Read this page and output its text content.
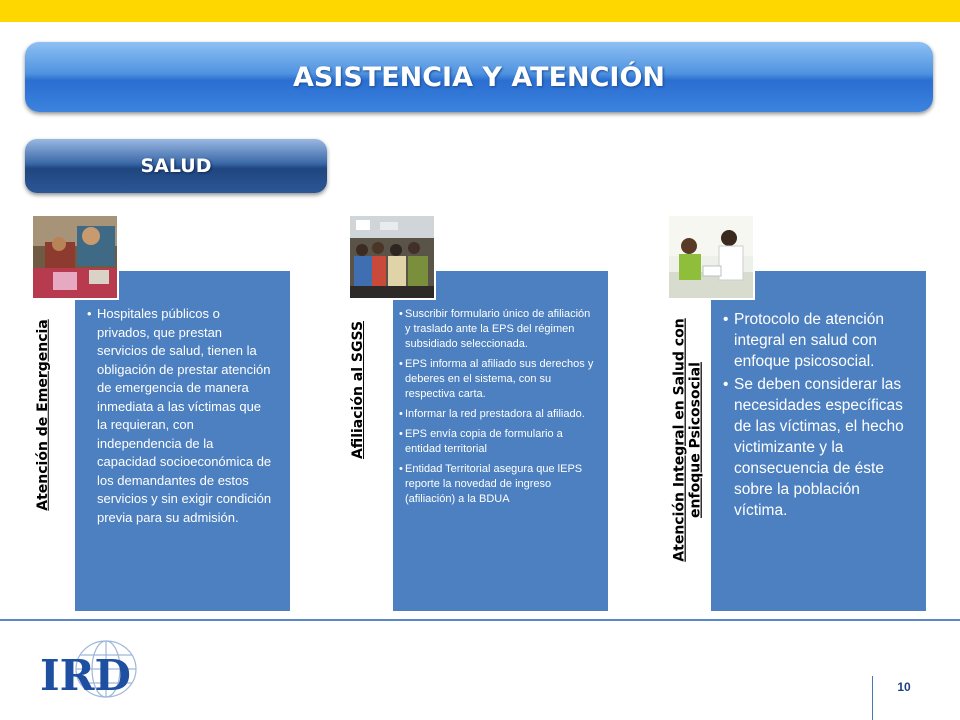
ASISTENCIA Y ATENCIÓN
SALUD
Atención de Emergencia
• Hospitales públicos o privados, que prestan servicios de salud, tienen la obligación de prestar atención de emergencia de manera inmediata a las víctimas que la requieran, con independencia de la capacidad socioeconómica de los demandantes de estos servicios y sin exigir condición previa para su admisión.
Afiliación al SGSS
• Suscribir formulario único de afiliación y traslado ante la EPS del régimen subsidiado seleccionada.
• EPS informa al afiliado sus derechos y deberes en el sistema, con su respectiva carta.
• Informar la red prestadora al afiliado.
• EPS envía copia de formulario a entidad territorial
• Entidad Territorial asegura que lEPS reporte la novedad de ingreso (afiliación) a la BDUA	Atención Integral en Salud con enfoque Psicosocial
• Protocolo de atención integral en salud con enfoque psicosocial.
• Se deben considerar las necesidades específicas de las víctimas, el hecho victimizante y la consecuencia de éste sobre la población víctima.
IRD	10
